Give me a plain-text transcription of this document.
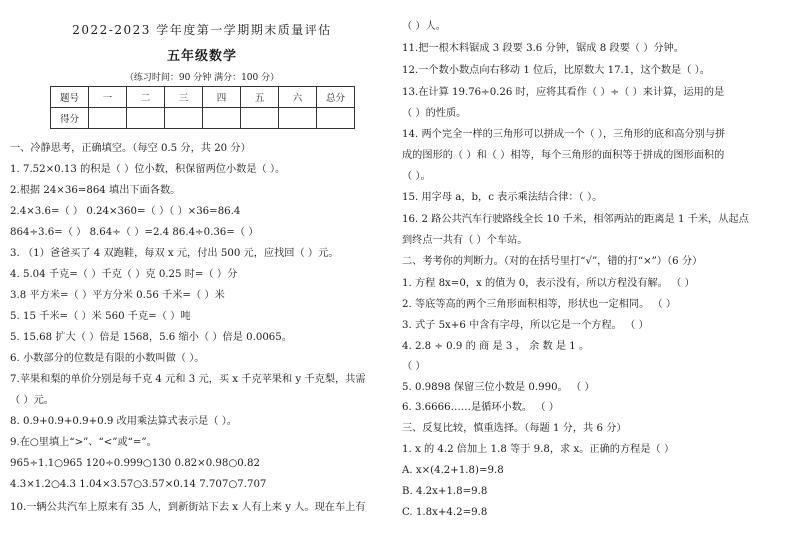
2022-2023 学年度第一学期期末质量评估
五年级数学
（练习时间：90 分钟 满分：100 分）
题号	一	二	三	四	五	六	总分
得分							
一、冷静思考，正确填空。（每空 0.5 分，共 20 分）
1. 7.52×0.13 的积是（ ）位小数，积保留两位小数是（ ）。
2.根据 24×36=864 填出下面各数。
2.4×3.6=（ ） 0.24×360=（ ）（ ）×36=86.4
864÷3.6=（ ） 8.64÷（ ）=2.4 86.4÷0.36=（ ）
3. （1）爸爸买了 4 双跑鞋，每双 x 元，付出 500 元，应找回（ ）元。
4. 5.04 千克=（ ）千克（ ）克 0.25 时=（ ）分
3.8 平方米=（ ）平方分米 0.56 千米=（ ）米
5. 15 千米=（ ）米 560 千克=（ ）吨
5. 15.68 扩大（ ）倍是 1568，5.6 缩小（ ）倍是 0.0065。
6. 小数部分的位数是有限的小数叫做（ ）。
7.苹果和梨的单价分别是每千克 4 元和 3 元，买 x 千克苹果和 y 千克梨，共需
（ ）元。
8. 0.9+0.9+0.9+0.9 改用乘法算式表示是（ ）。
9.在○里填上“>”、“<”或“=”。
965÷1.1○965 120÷0.999○130 0.82×0.98○0.82
4.3×1.2○4.3 1.04×3.57○3.57×0.14 7.707○7.707
10.一辆公共汽车上原来有 35 人，到新街站下去 x 人有上来 y 人。现在车上有
（ ）人。
11.把一根木料锯成 3 段要 3.6 分钟，锯成 8 段要（ ）分钟。
12.一个数小数点向右移动 1 位后，比原数大 17.1，这个数是（ ）。
13.在计算 19.76÷0.26 时，应将其看作（ ）÷（ ）来计算，运用的是
（ ）的性质。
14. 两个完全一样的三角形可以拼成一个（ ），三角形的底和高分别与拼
成的图形的（ ）和（ ）相等，每个三角形的面积等于拼成的图形面积的
（ ）。
15. 用字母 a，b，c 表示乘法结合律：（ ）。
16. 2 路公共汽车行驶路线全长 10 千米，相邻两站的距离是 1 千米，从起点
到终点一共有（ ）个车站。
二、考考你的判断力。（对的在括号里打“√”，错的打“×”）（6 分）
1. 方程 8x=0，x 的值为 0，表示没有，所以方程没有解。 （ ）
2. 等底等高的两个三角形面积相等，形状也一定相同。 （ ）
3. 式子 5x+6 中含有字母，所以它是一个方程。 （ ）
4. 2.8 ÷ 0.9 的 商 是 3 ， 余 数 是 1 。
（ ）
5. 0.9898 保留三位小数是 0.990。 （ ）
6. 3.6666……是循环小数。 （ ）
三、反复比较，慎重选择。（每题 1 分，共 6 分）
1. x 的 4.2 倍加上 1.8 等于 9.8，求 x。正确的方程是（ ）
A. x×(4.2+1.8)=9.8
B. 4.2x+1.8=9.8
C. 1.8x+4.2=9.8
